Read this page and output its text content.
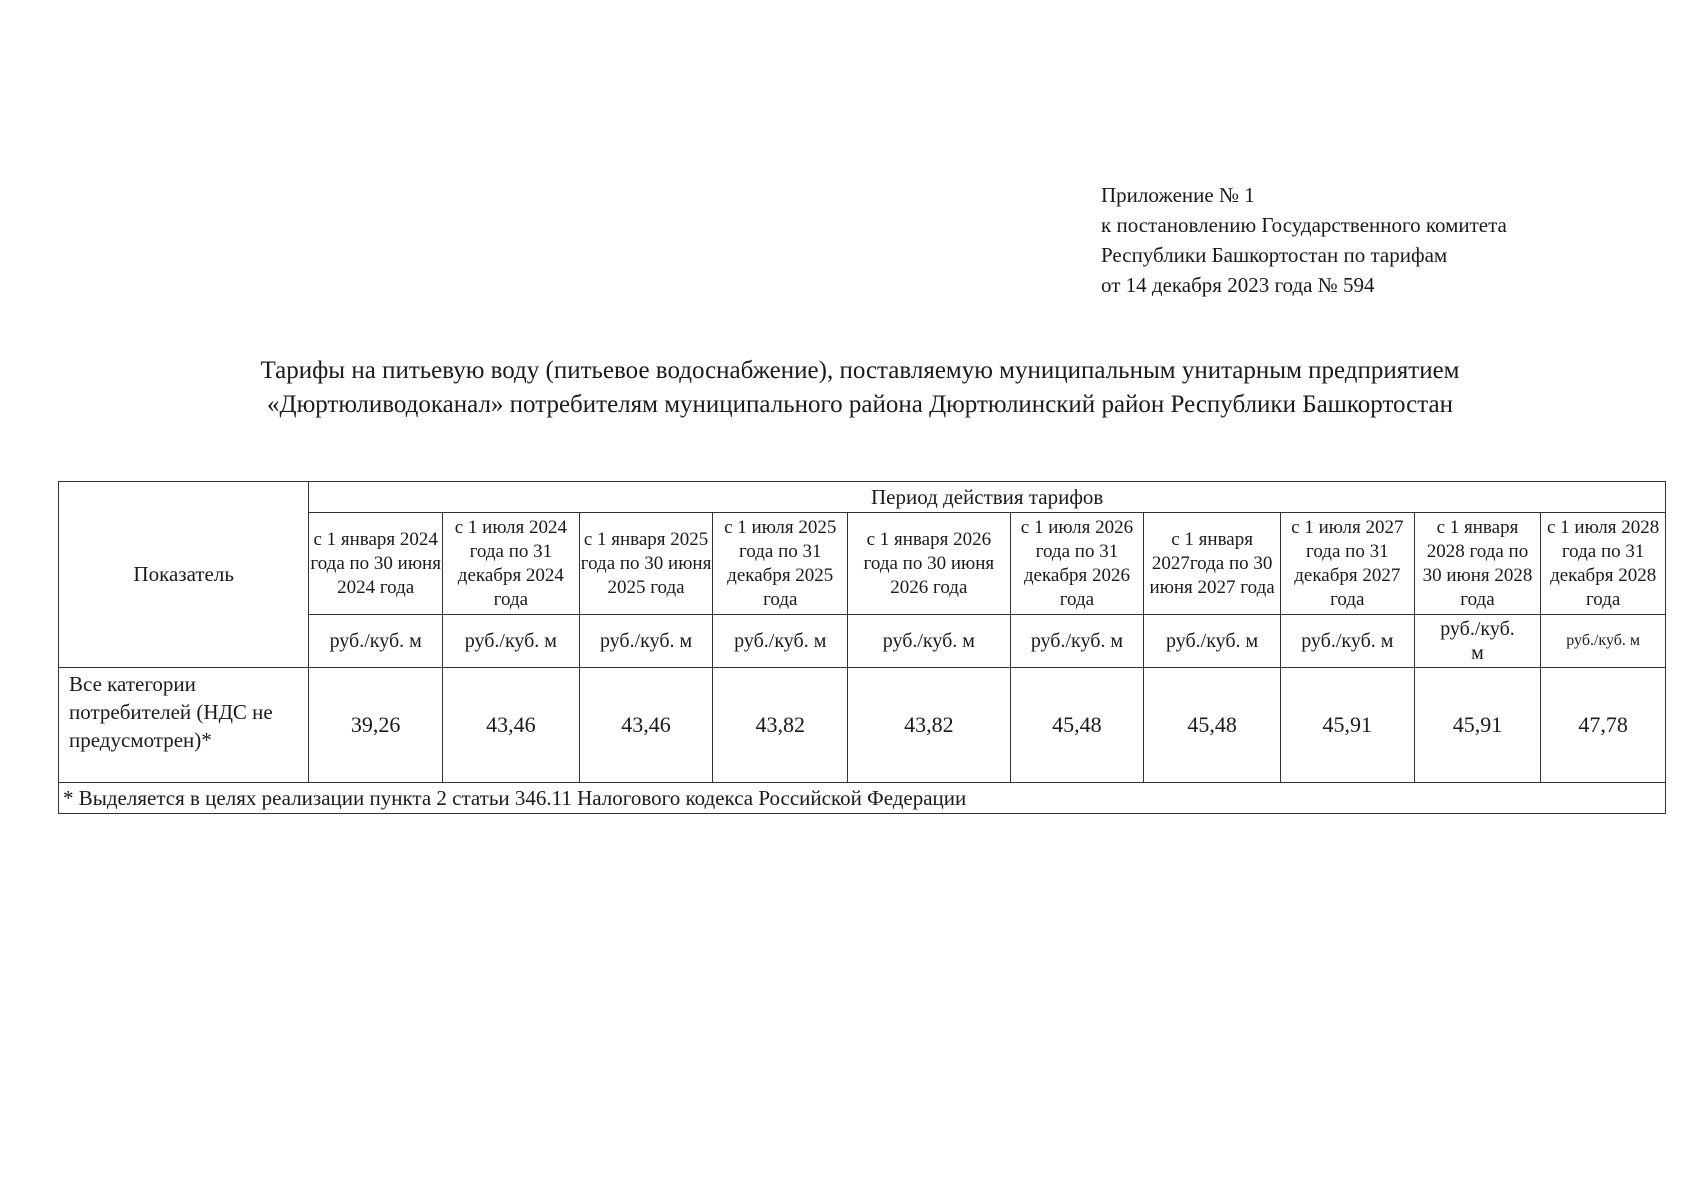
Приложение № 1
к постановлению Государственного комитета
Республики Башкортостан по тарифам
от 14 декабря 2023 года № 594
Тарифы на питьевую воду (питьевое водоснабжение), поставляемую муниципальным унитарным предприятием
«Дюртюливодоканал» потребителям муниципального района Дюртюлинский район Республики Башкортостан
Показатель	Период действия тарифов									
	с 1 января 2024 года по 30 июня 2024 года	с 1 июля 2024 года по 31 декабря 2024 года	с 1 января 2025 года по 30 июня 2025 года	с 1 июля 2025 года по 31 декабря 2025 года	с 1 января 2026 года по 30 июня 2026 года	с 1 июля 2026 года по 31 декабря 2026 года	с 1 января 2027года по 30 июня 2027 года	с 1 июля 2027 года по 31 декабря 2027 года	с 1 января 2028 года по 30 июня 2028 года	с 1 июля 2028 года по 31 декабря 2028 года
	руб./куб. м	руб./куб. м	руб./куб. м	руб./куб. м	руб./куб. м	руб./куб. м	руб./куб. м	руб./куб. м	руб./куб. м	руб./куб. м
Все категории потребителей (НДС не предусмотрен)*	39,26	43,46	43,46	43,82	43,82	45,48	45,48	45,91	45,91	47,78
* Выделяется в целях реализации пункта 2 статьи 346.11 Налогового кодекса Российской Федерации										
